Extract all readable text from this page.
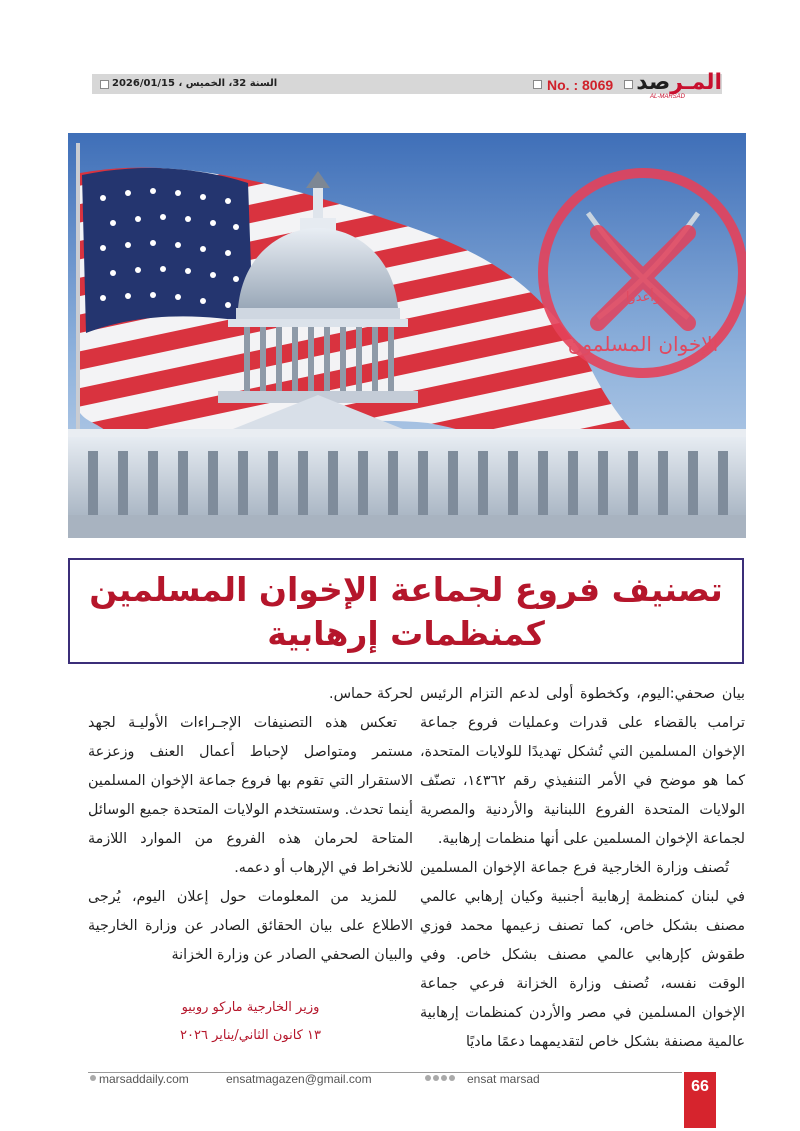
السنة 32، الخميس ، 2026/01/15	No. : 8069	المـرصد
AL-MARSAD
الإخوان المسلمون
وأعدوا
تصنيف فروع لجماعة الإخوان المسلمين
كمنظمات إرهابية

بيان صحفي:اليوم، وكخطوة أولى لدعم التزام الرئيس ترامب بالقضاء على قدرات وعمليات فروع جماعة الإخوان المسلمين التي تُشكل تهديدًا للولايات المتحدة، كما هو موضح في الأمر التنفيذي رقم ١٤٣٦٢، تصنّف الولايات المتحدة الفروع اللبنانية والأردنية والمصرية لجماعة الإخوان المسلمين على أنها منظمات إرهابية.

تُصنف وزارة الخارجية فرع جماعة الإخوان المسلمين في لبنان كمنظمة إرهابية أجنبية وكيان إرهابي عالمي مصنف بشكل خاص، كما تصنف زعيمها محمد فوزي طقوش كإرهابي عالمي مصنف بشكل خاص. وفي الوقت نفسه، تُصنف وزارة الخزانة فرعي جماعة الإخوان المسلمين في مصر والأردن كمنظمات إرهابية عالمية مصنفة بشكل خاص لتقديمهما دعمًا ماديًا

لحركة حماس.

تعكس هذه التصنيفات الإجـراءات الأوليـة لجهد مستمر ومتواصل لإحباط أعمال العنف وزعزعة الاستقرار التي تقوم بها فروع جماعة الإخوان المسلمين أينما تحدث. وستستخدم الولايات المتحدة جميع الوسائل المتاحة لحرمان هذه الفروع من الموارد اللازمة للانخراط في الإرهاب أو دعمه.

للمزيد من المعلومات حول إعلان اليوم، يُرجى الاطلاع على بيان الحقائق الصادر عن وزارة الخارجية والبيان الصحفي الصادر عن وزارة الخزانة

وزير الخارجية ماركو روبيو
١٣ كانون الثاني/يناير ٢٠٢٦

marsaddaily.com	ensatmagazen@gmail.com	ensat marsad	66
